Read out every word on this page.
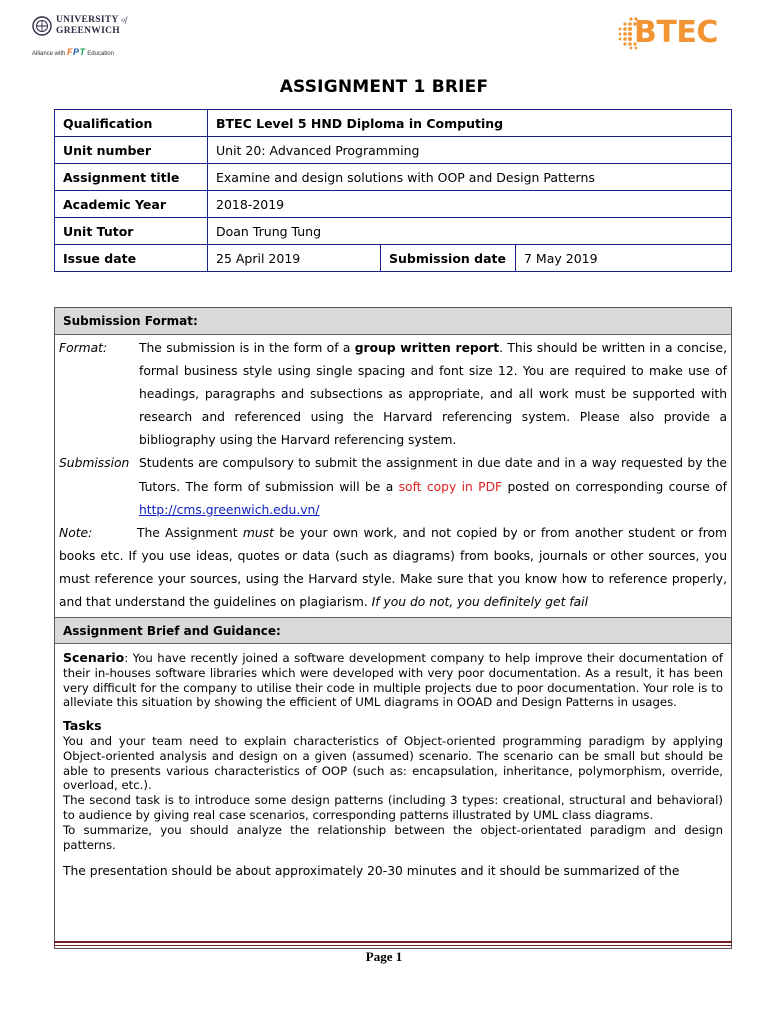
UNIVERSITY of
GREENWICH
Alliance with FPT Education
BTEC
ASSIGNMENT 1 BRIEF
Qualification	BTEC Level 5 HND Diploma in Computing		
Unit number	Unit 20: Advanced Programming		
Assignment title	Examine and design solutions with OOP and Design Patterns		
Academic Year	2018-2019		
Unit Tutor	Doan Trung Tung		
Issue date	25 April 2019	Submission date	7 May 2019
Submission Format:
Format:	The submission is in the form of a group written report. This should be written in a concise, formal business style using single spacing and font size 12. You are required to make use of headings, paragraphs and subsections as appropriate, and all work must be supported with research and referenced using the Harvard referencing system. Please also provide a bibliography using the Harvard referencing system.
Submission Students are compulsory to submit the assignment in due date and in a way requested by the Tutors. The form of submission will be a soft copy in PDF posted on corresponding course of http://cms.greenwich.edu.vn/
Note:	The Assignment must be your own work, and not copied by or from another student or from books etc. If you use ideas, quotes or data (such as diagrams) from books, journals or other sources, you must reference your sources, using the Harvard style. Make sure that you know how to reference properly, and that understand the guidelines on plagiarism. If you do not, you definitely get fail
Assignment Brief and Guidance:

Scenario: You have recently joined a software development company to help improve their documentation of their in-houses software libraries which were developed with very poor documentation. As a result, it has been very difficult for the company to utilise their code in multiple projects due to poor documentation. Your role is to alleviate this situation by showing the efficient of UML diagrams in OOAD and Design Patterns in usages.

Tasks

You and your team need to explain characteristics of Object-oriented programming paradigm by applying Object-oriented analysis and design on a given (assumed) scenario. The scenario can be small but should be able to presents various characteristics of OOP (such as: encapsulation, inheritance, polymorphism, override, overload, etc.).

The second task is to introduce some design patterns (including 3 types: creational, structural and behavioral) to audience by giving real case scenarios, corresponding patterns illustrated by UML class diagrams.

To summarize, you should analyze the relationship between the object-orientated paradigm and design patterns.

The presentation should be about approximately 20-30 minutes and it should be summarized of the

Page 1
